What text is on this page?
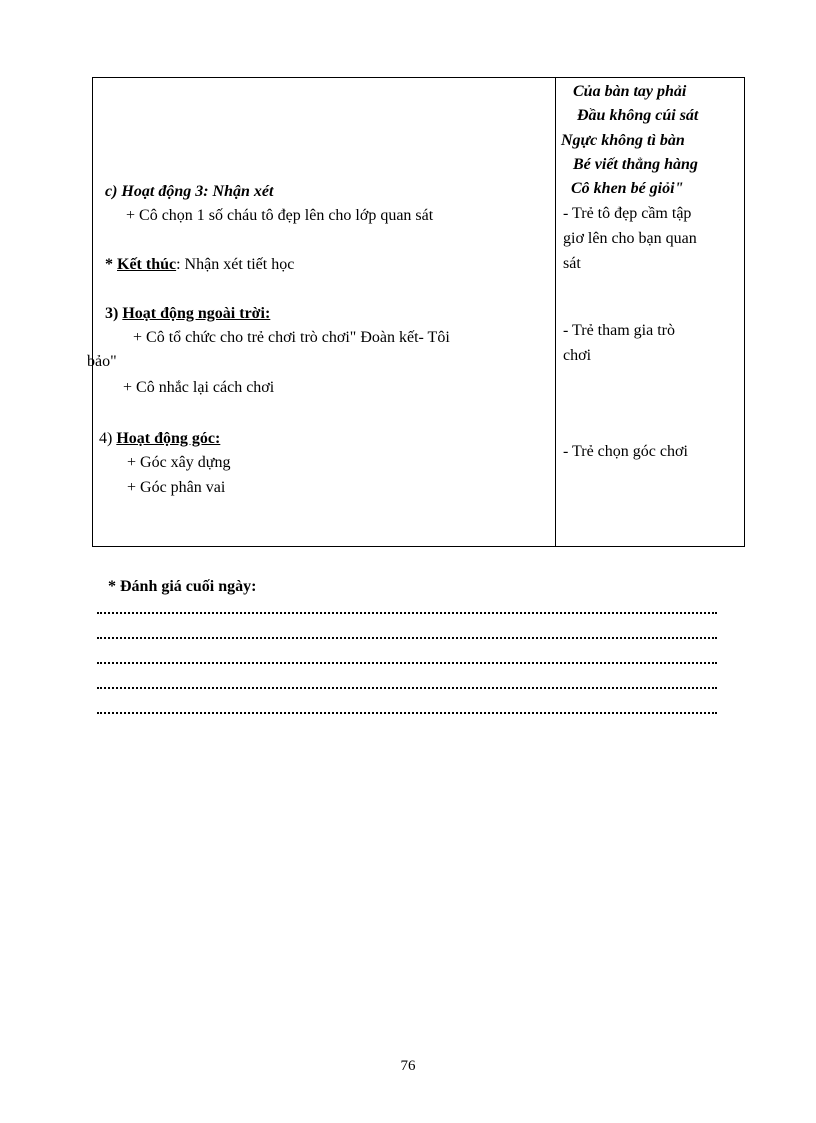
c) Hoạt động 3: Nhận xét
+ Cô chọn 1 số cháu tô đẹp lên cho lớp quan sát
* Kết thúc: Nhận xét tiết học
3) Hoạt động ngoài trời:
+ Cô tổ chức cho trẻ chơi trò chơi" Đoàn kết- Tôi
bảo"
+ Cô nhắc lại cách chơi
4) Hoạt động góc:
+ Góc xây dựng
+ Góc phân vai
Của bàn tay phải
Đầu không cúi sát
Ngực không tì bàn
Bé viết thẳng hàng
Cô khen bé giỏi"
- Trẻ tô đẹp cầm tập
giơ lên cho bạn quan
sát
- Trẻ tham gia trò
chơi
- Trẻ chọn góc chơi
* Đánh giá cuối ngày:
76
